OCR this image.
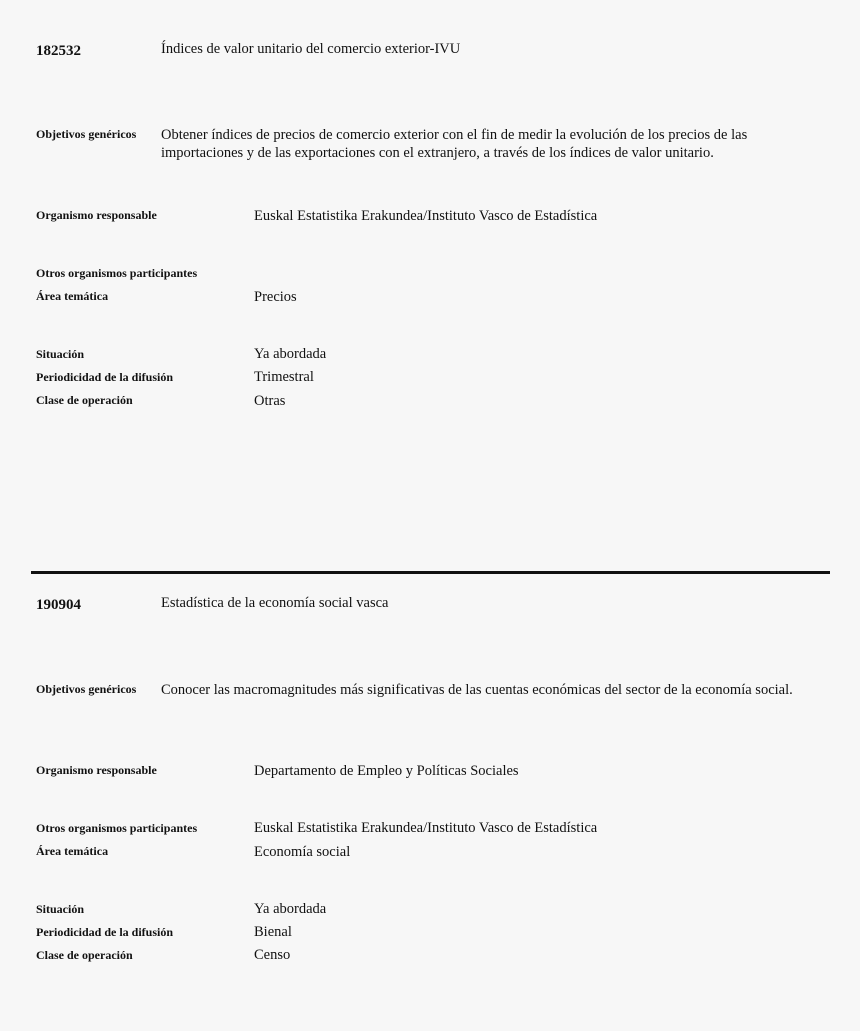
182532	Índices de valor unitario del comercio exterior-IVU
Objetivos genéricos Obtener índices de precios de comercio exterior con el fin de medir la evolución de los precios de las importaciones y de las exportaciones con el extranjero, a través de los índices de valor unitario.
Organismo responsable	Euskal Estatistika Erakundea/Instituto Vasco de Estadística
Otros organismos participantes
Área temática	Precios
Situación	Ya abordada
Periodicidad de la difusión	Trimestral
Clase de operación	Otras
190904	Estadística de la economía social vasca
Objetivos genéricos Conocer las macromagnitudes más significativas de las cuentas económicas del sector de la economía social.
Organismo responsable	Departamento de Empleo y Políticas Sociales
Otros organismos participantes	Euskal Estatistika Erakundea/Instituto Vasco de Estadística
Área temática	Economía social
Situación	Ya abordada
Periodicidad de la difusión	Bienal
Clase de operación	Censo
